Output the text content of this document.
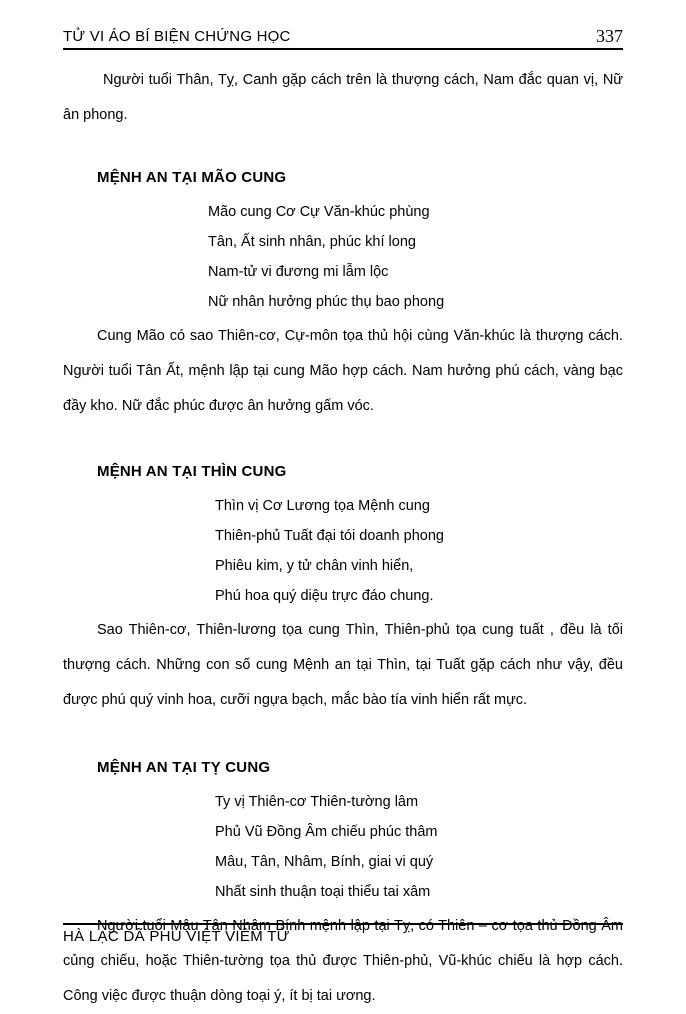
TỬ VI ÁO BÍ BIỆN CHỨNG HỌC	337

Người tuổi Thân, Tỵ, Canh gặp cách trên là thượng cách, Nam đắc quan vị, Nữ ân phong.

MỆNH AN TẠI MÃO CUNG
Mão cung Cơ Cự Văn-khúc phùng
Tân, Ất sinh nhân, phúc khí long
Nam-tử vi đương mi lẫm lộc
Nữ nhân hưởng phúc thụ bao phong

Cung Mão có sao Thiên-cơ, Cự-môn tọa thủ hội cùng Văn-khúc là thượng cách. Người tuổi Tân Ất, mệnh lập tại cung Mão hợp cách. Nam hưởng phú cách, vàng bạc đầy kho. Nữ đắc phúc được ân hưởng gấm vóc.

MỆNH AN TẠI THÌN CUNG
Thìn vị Cơ Lương tọa Mệnh cung
Thiên-phủ Tuất đại tói doanh phong
Phiêu kim, y tử chân vinh hiển,
Phú hoa quý diệu trực đáo chung.

Sao Thiên-cơ, Thiên-lương tọa cung Thìn, Thiên-phủ tọa cung tuất , đều là tối thượng cách. Những con số cung Mệnh an tại Thìn, tại Tuất gặp cách như vậy, đều được phú quý vinh hoa, cưỡi ngựa bạch, mắc bào tía vinh hiển rất mực.

MỆNH AN TẠI TỴ CUNG
Ty vị Thiên-cơ Thiên-tường lâm
Phủ Vũ Đồng Âm chiếu phúc thâm
Mâu, Tân, Nhâm, Bính, giai vi quý
Nhất sinh thuận toại thiểu tai xâm

Người tuổi Mậu Tân Nhâm Bính mệnh lập tại Tỵ, có Thiên – cơ tọa thủ Đồng Âm củng chiếu, hoặc Thiên-tường tọa thủ được Thiên-phủ, Vũ-khúc chiếu là hợp cách. Công việc được thuận dòng toại ý, ít bị tai ương.

HÀ LẠC DÃ PHU VIỆT VIÊM TỬ
